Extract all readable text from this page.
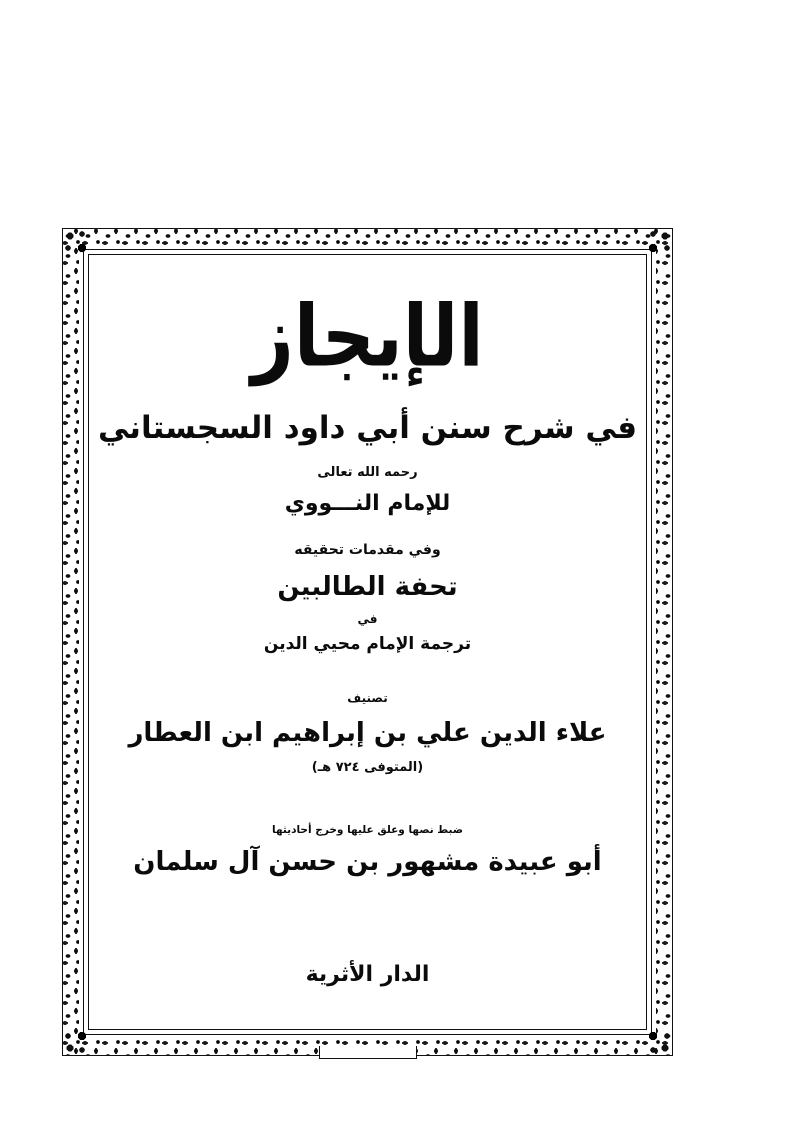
الإيجاز
في شرح سنن أبي داود السجستاني
رحمه الله تعالى
للإمام النـــووي
وفي مقدمات تحقيقه
تحفة الطالبين
في
ترجمة الإمام محيي الدين
تصنيف
علاء الدين علي بن إبراهيم ابن العطار
(المتوفى ٧٢٤ هـ)
ضبط نصها وعلق عليها وخرج أحاديثها
أبو عبيدة مشهور بن حسن آل سلمان
الدار الأثرية
